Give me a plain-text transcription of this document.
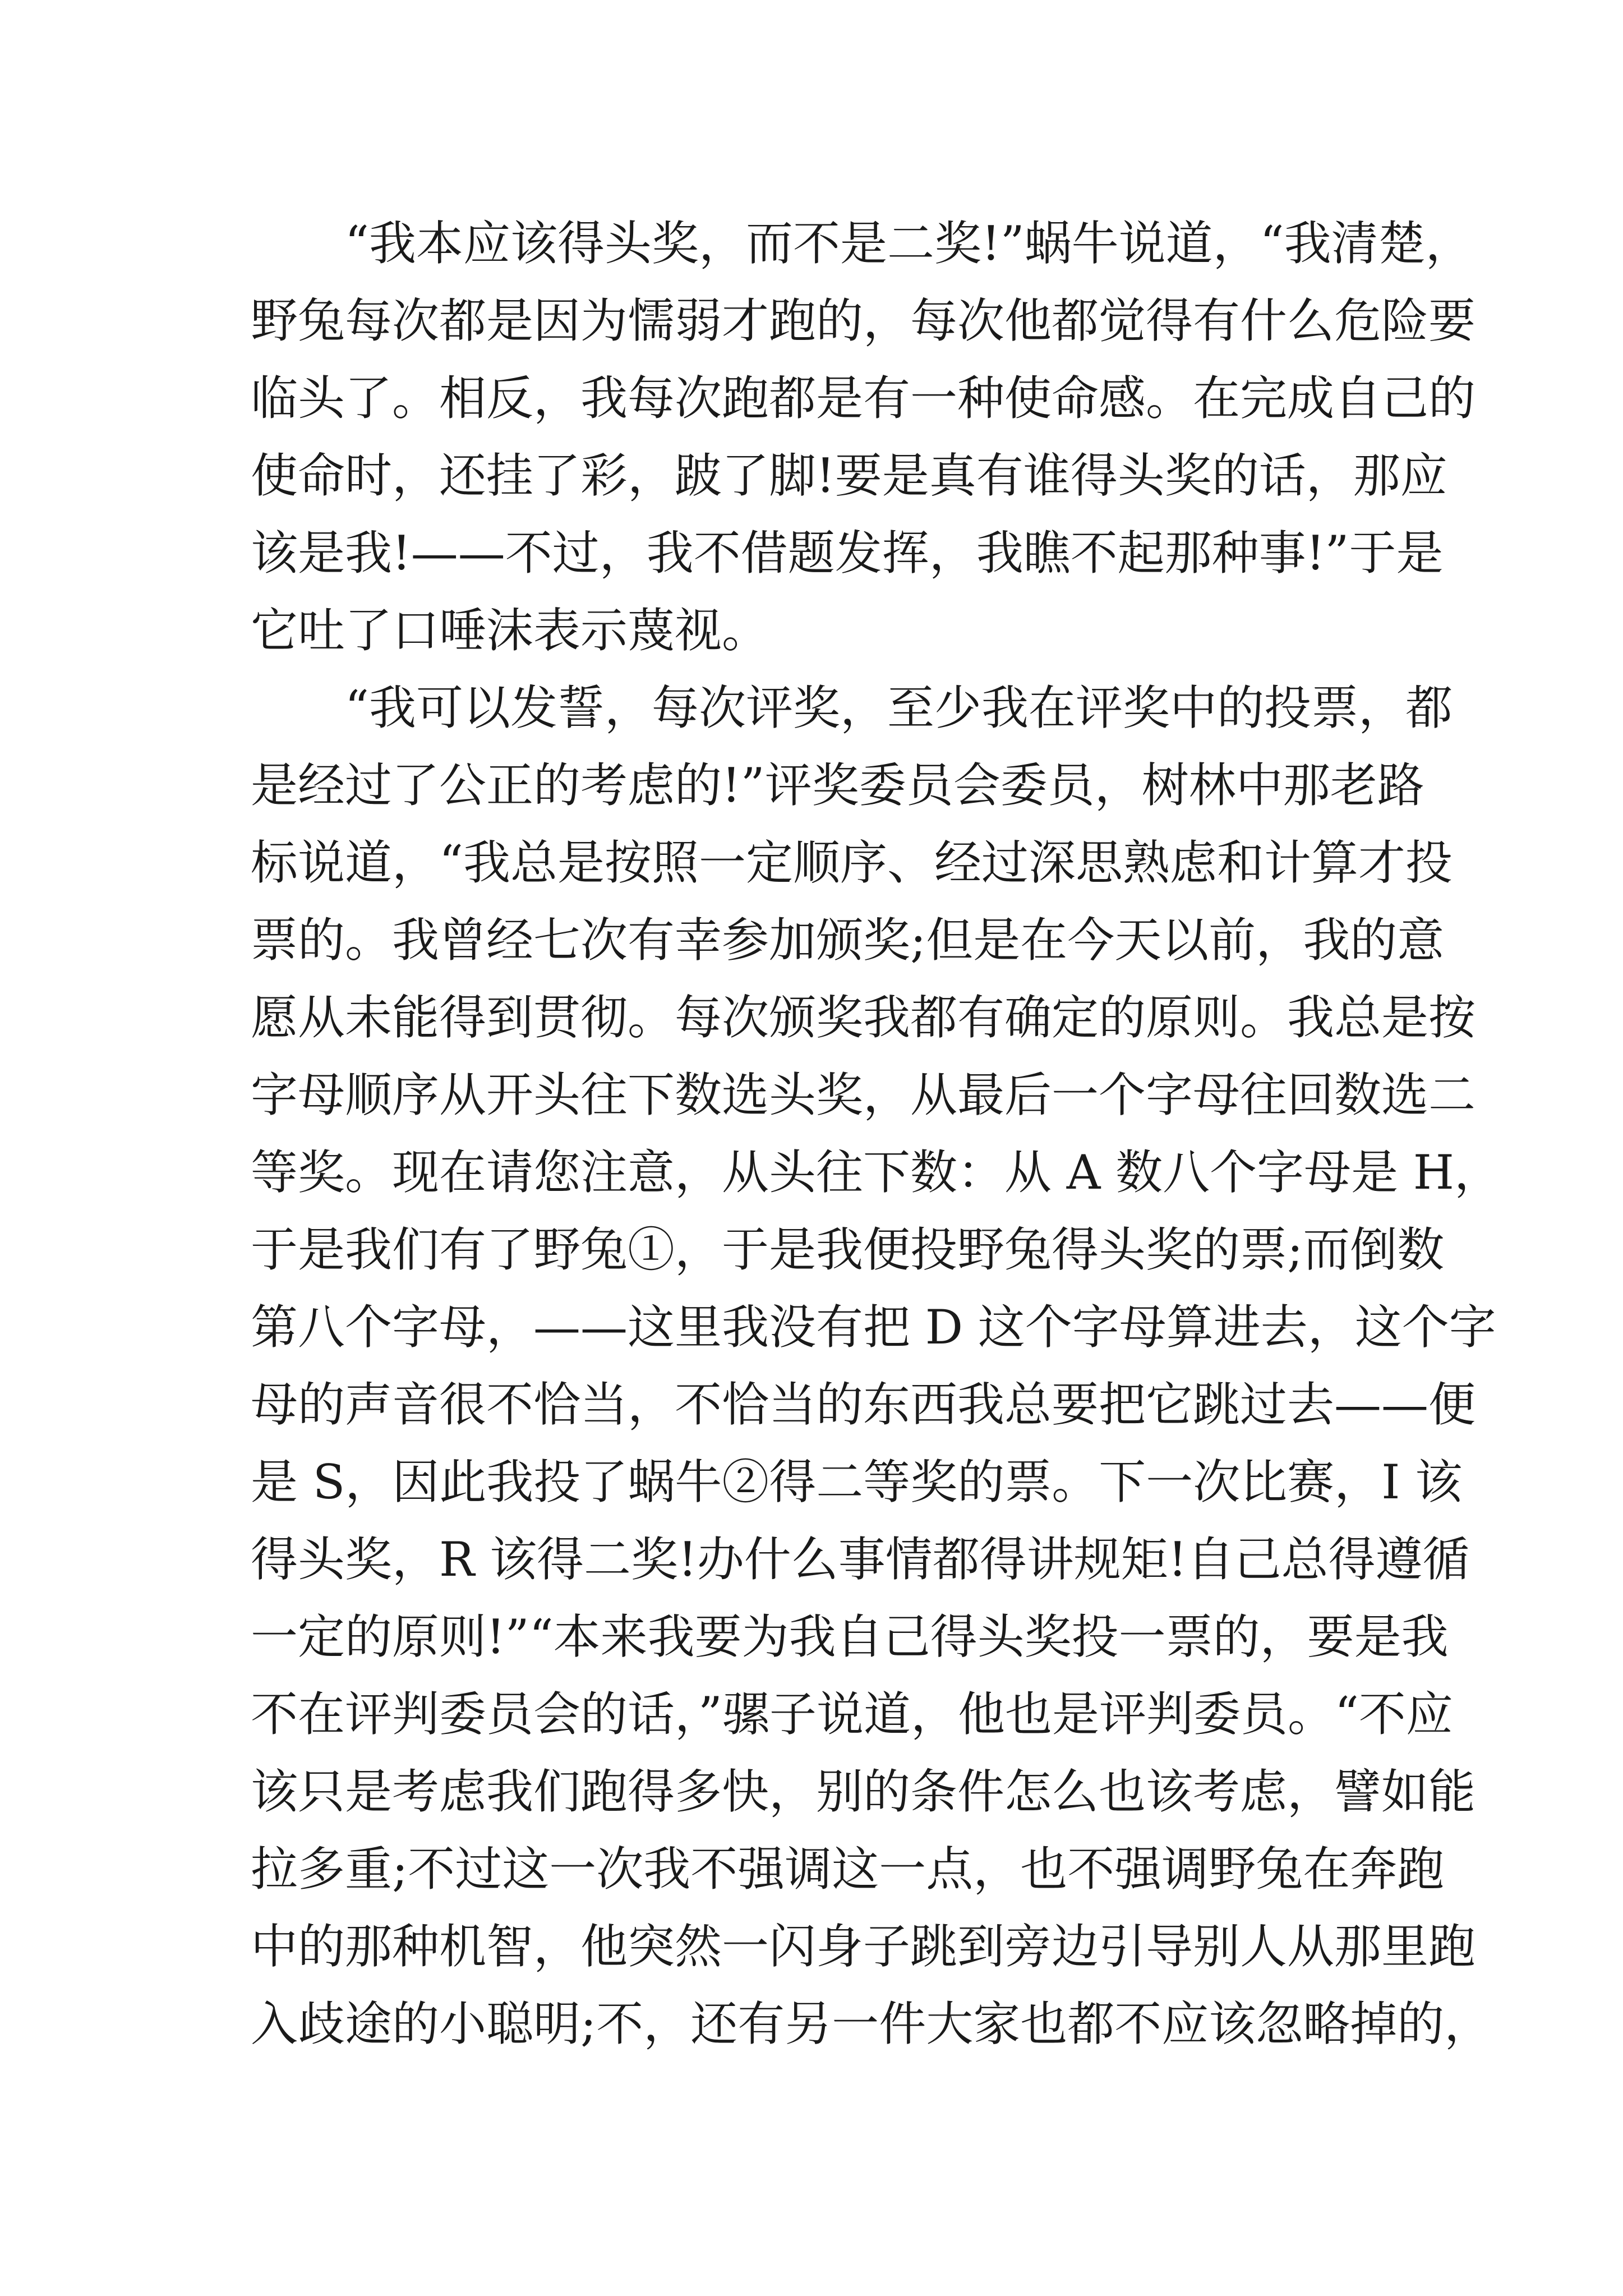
“我本应该得头奖，而不是二奖!”蜗牛说道，“我清楚，
野兔每次都是因为懦弱才跑的，每次他都觉得有什么危险要
临头了。相反，我每次跑都是有一种使命感。在完成自己的
使命时，还挂了彩，跛了脚!要是真有谁得头奖的话，那应
该是我!——不过，我不借题发挥，我瞧不起那种事!”于是
它吐了口唾沫表示蔑视。
“我可以发誓，每次评奖，至少我在评奖中的投票，都
是经过了公正的考虑的!”评奖委员会委员，树林中那老路
标说道，“我总是按照一定顺序、经过深思熟虑和计算才投
票的。我曾经七次有幸参加颁奖;但是在今天以前，我的意
愿从未能得到贯彻。每次颁奖我都有确定的原则。我总是按
字母顺序从开头往下数选头奖，从最后一个字母往回数选二
等奖。现在请您注意，从头往下数：从 A 数八个字母是 H，
于是我们有了野兔①，于是我便投野兔得头奖的票;而倒数
第八个字母，——这里我没有把 D 这个字母算进去，这个字
母的声音很不恰当，不恰当的东西我总要把它跳过去——便
是 S，因此我投了蜗牛②得二等奖的票。下一次比赛，I 该
得头奖，R 该得二奖!办什么事情都得讲规矩!自己总得遵循
一定的原则!”“本来我要为我自己得头奖投一票的，要是我
不在评判委员会的话，”骡子说道，他也是评判委员。“不应
该只是考虑我们跑得多快，别的条件怎么也该考虑，譬如能
拉多重;不过这一次我不强调这一点，也不强调野兔在奔跑
中的那种机智，他突然一闪身子跳到旁边引导别人从那里跑
入歧途的小聪明;不，还有另一件大家也都不应该忽略掉的，
